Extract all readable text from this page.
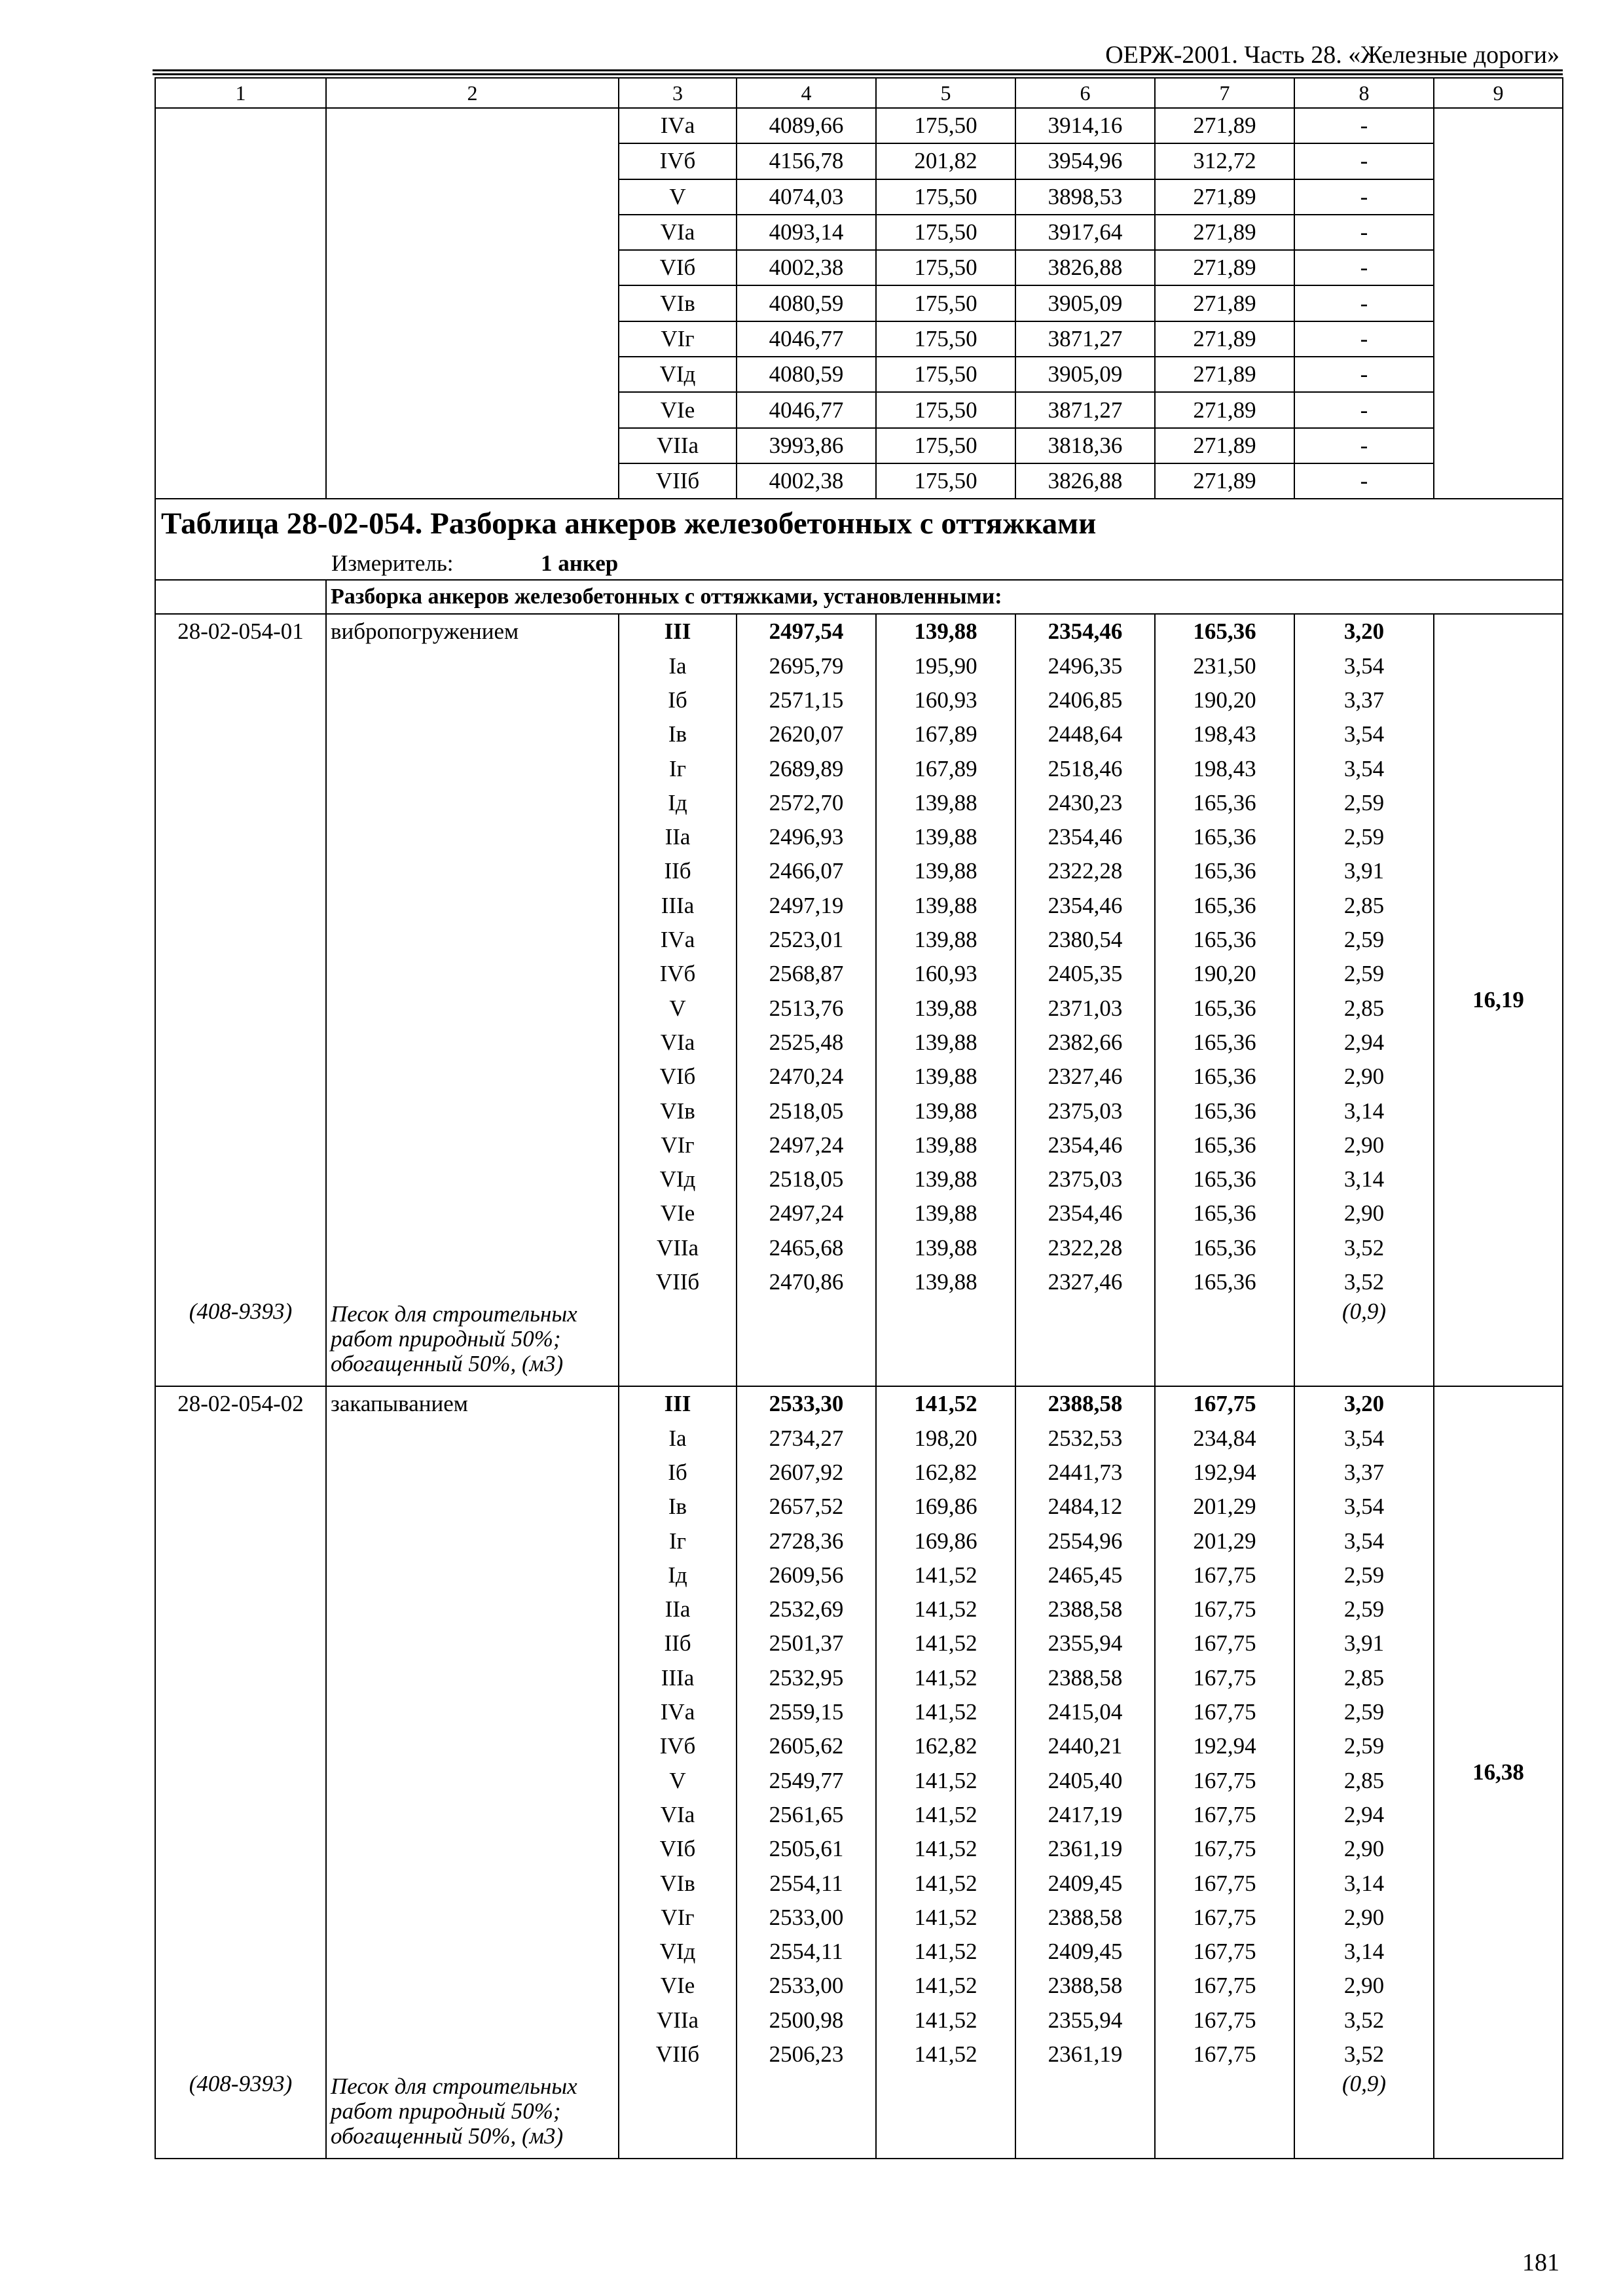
ОЕРЖ-2001. Часть 28. «Железные дороги»
1	2	3	4	5	6	7	8	9
		IVа	4089,66	175,50	3914,16	271,89	-	
		IVб	4156,78	201,82	3954,96	312,72	-	
		V	4074,03	175,50	3898,53	271,89	-	
		VIа	4093,14	175,50	3917,64	271,89	-	
		VIб	4002,38	175,50	3826,88	271,89	-	
		VIв	4080,59	175,50	3905,09	271,89	-	
		VIг	4046,77	175,50	3871,27	271,89	-	
		VIд	4080,59	175,50	3905,09	271,89	-	
		VIе	4046,77	175,50	3871,27	271,89	-	
		VIIа	3993,86	175,50	3818,36	271,89	-	
		VIIб	4002,38	175,50	3826,88	271,89	-	
Таблица 28-02-054. Разборка анкеров железобетонных с оттяжками								
Измеритель: 1 анкер								
	Разборка анкеров железобетонных с оттяжками, установленными:							
28-02-054-01	вибропогружением	III	2497,54	139,88	2354,46	165,36	3,20	16,19
		Iа	2695,79	195,90	2496,35	231,50	3,54	
		Iб	2571,15	160,93	2406,85	190,20	3,37	
		Iв	2620,07	167,89	2448,64	198,43	3,54	
		Iг	2689,89	167,89	2518,46	198,43	3,54	
		Iд	2572,70	139,88	2430,23	165,36	2,59	
		IIа	2496,93	139,88	2354,46	165,36	2,59	
		IIб	2466,07	139,88	2322,28	165,36	3,91	
		IIIа	2497,19	139,88	2354,46	165,36	2,85	
		IVа	2523,01	139,88	2380,54	165,36	2,59	
		IVб	2568,87	160,93	2405,35	190,20	2,59	
		V	2513,76	139,88	2371,03	165,36	2,85	
		VIа	2525,48	139,88	2382,66	165,36	2,94	
		VIб	2470,24	139,88	2327,46	165,36	2,90	
		VIв	2518,05	139,88	2375,03	165,36	3,14	
		VIг	2497,24	139,88	2354,46	165,36	2,90	
		VIд	2518,05	139,88	2375,03	165,36	3,14	
		VIе	2497,24	139,88	2354,46	165,36	2,90	
		VIIа	2465,68	139,88	2322,28	165,36	3,52	
		VIIб	2470,86	139,88	2327,46	165,36	3,52	
(408-9393)	Песок для строительных работ природный 50%; обогащенный 50%, (м3)						(0,9)	
28-02-054-02	закапыванием	III	2533,30	141,52	2388,58	167,75	3,20	16,38
		Iа	2734,27	198,20	2532,53	234,84	3,54	
		Iб	2607,92	162,82	2441,73	192,94	3,37	
		Iв	2657,52	169,86	2484,12	201,29	3,54	
		Iг	2728,36	169,86	2554,96	201,29	3,54	
		Iд	2609,56	141,52	2465,45	167,75	2,59	
		IIа	2532,69	141,52	2388,58	167,75	2,59	
		IIб	2501,37	141,52	2355,94	167,75	3,91	
		IIIа	2532,95	141,52	2388,58	167,75	2,85	
		IVа	2559,15	141,52	2415,04	167,75	2,59	
		IVб	2605,62	162,82	2440,21	192,94	2,59	
		V	2549,77	141,52	2405,40	167,75	2,85	
		VIа	2561,65	141,52	2417,19	167,75	2,94	
		VIб	2505,61	141,52	2361,19	167,75	2,90	
		VIв	2554,11	141,52	2409,45	167,75	3,14	
		VIг	2533,00	141,52	2388,58	167,75	2,90	
		VIд	2554,11	141,52	2409,45	167,75	3,14	
		VIе	2533,00	141,52	2388,58	167,75	2,90	
		VIIа	2500,98	141,52	2355,94	167,75	3,52	
		VIIб	2506,23	141,52	2361,19	167,75	3,52	
(408-9393)	Песок для строительных работ природный 50%; обогащенный 50%, (м3)						(0,9)	
181
